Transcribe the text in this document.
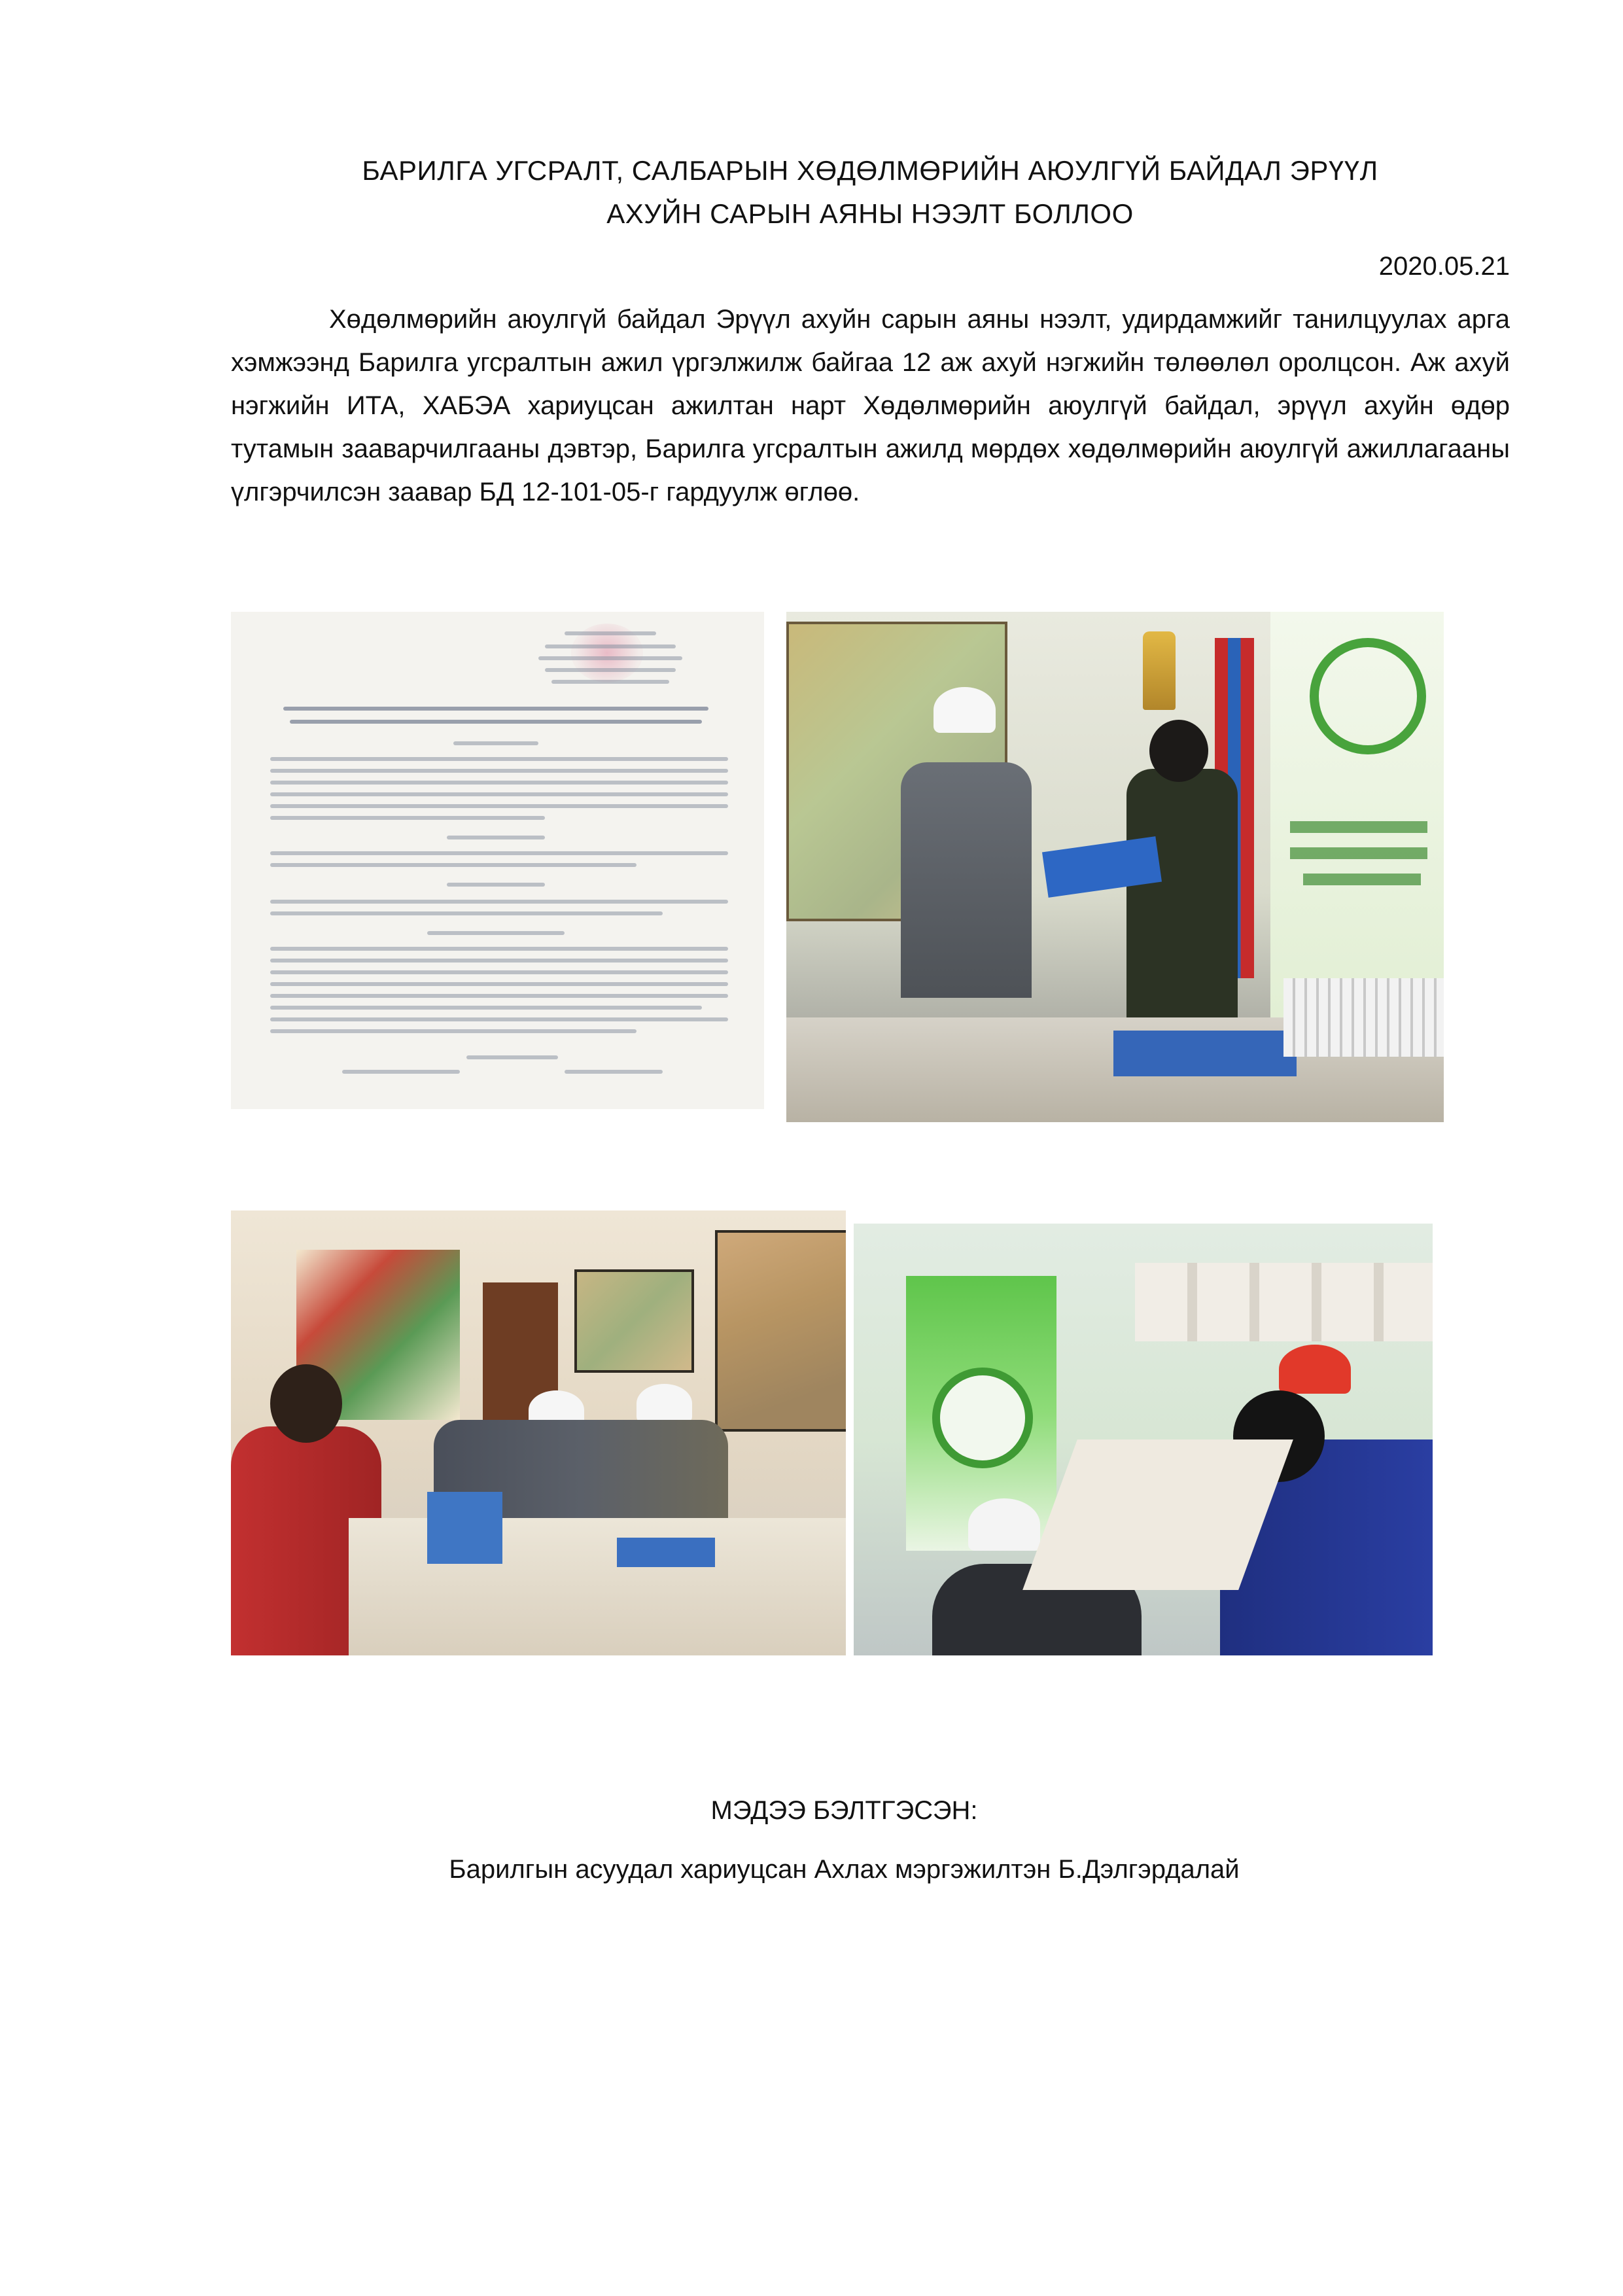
БАРИЛГА УГСРАЛТ, САЛБАРЫН ХӨДӨЛМӨРИЙН АЮУЛГҮЙ БАЙДАЛ ЭРҮҮЛ
АХУЙН САРЫН АЯНЫ НЭЭЛТ БОЛЛОО
2020.05.21

Хөдөлмөрийн аюулгүй байдал Эрүүл ахуйн сарын аяны нээлт, удирдамжийг танилцуулах арга хэмжээнд Барилга угсралтын ажил үргэлжилж байгаа 12 аж ахуй нэгжийн төлөөлөл оролцсон. Аж ахуй нэгжийн ИТА, ХАБЭА хариуцсан ажилтан нарт Хөдөлмөрийн аюулгүй байдал, эрүүл ахуйн өдөр тутамын зааварчилгааны дэвтэр, Барилга угсралтын ажилд мөрдөх хөдөлмөрийн аюулгүй ажиллагааны үлгэрчилсэн заавар БД 12-101-05-г гардуулж өглөө.

МЭДЭЭ БЭЛТГЭСЭН:
Барилгын асуудал хариуцсан Ахлах мэргэжилтэн Б.Дэлгэрдалай
